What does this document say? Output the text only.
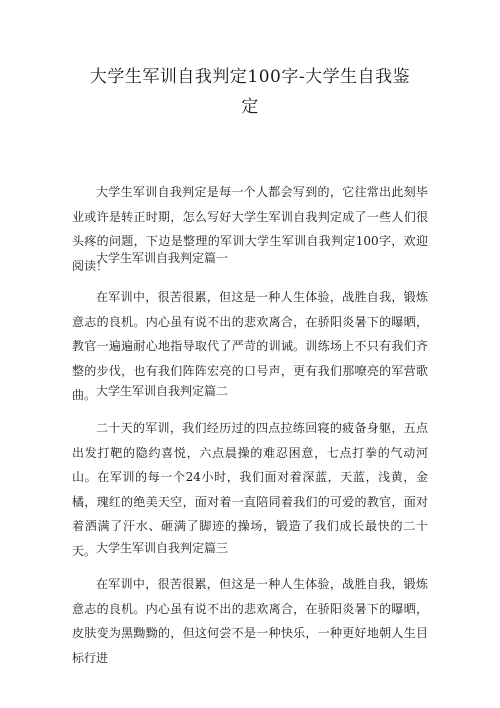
大学生军训自我判定100字-大学生自我鉴
定

大学生军训自我判定是每一个人都会写到的，它往常出此刻毕业或许是转正时期，怎么写好大学生军训自我判定成了一些人们很头疼的问题，下边是整理的军训大学生军训自我判定100字，欢迎阅读！

大学生军训自我判定篇一

在军训中，很苦很累，但这是一种人生体验，战胜自我，锻炼意志的良机。内心虽有说不出的悲欢离合，在骄阳炎暑下的曝晒，教官一遍遍耐心地指导取代了严苛的训诫。训练场上不只有我们齐整的步伐，也有我们阵阵宏亮的口号声，更有我们那嘹亮的军营歌曲。 大学生军训自我判定篇二

二十天的军训，我们经历过的四点拉练回寝的疲备身躯，五点出发打靶的隐约喜悦，六点晨操的难忍困意，七点打拳的气动河山。在军训的每一个24小时，我们面对着深蓝，天蓝，浅黄，金橘，瑰红的绝美天空，面对着一直陪同着我们的可爱的教官，面对着洒满了汗水、砸满了脚迹的操场，锻造了我们成长最快的二十天。 大学生军训自我判定篇三

在军训中，很苦很累，但这是一种人生体验，战胜自我，锻炼意志的良机。内心虽有说不出的悲欢离合，在骄阳炎暑下的曝晒，皮肤变为黑黝黝的，但这何尝不是一种快乐，一种更好地朝人生目标行进
